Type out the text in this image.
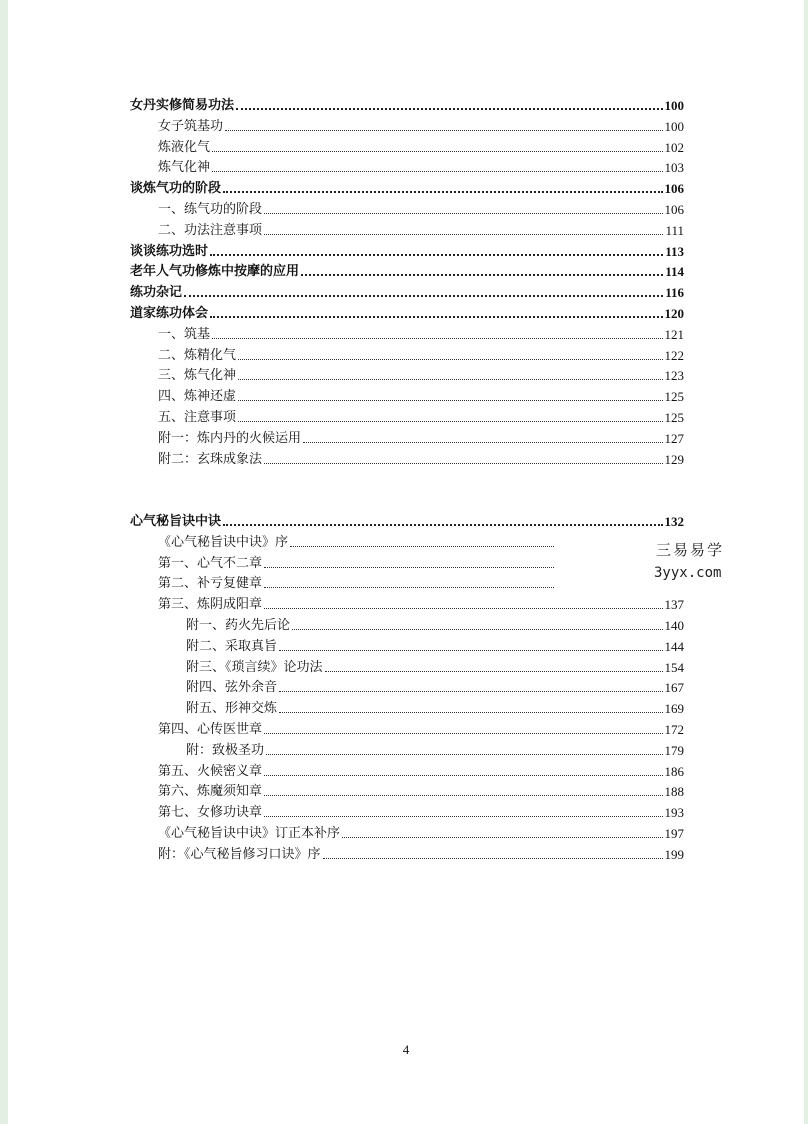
女丹实修简易功法	100
女子筑基功	100
炼液化气	102
炼气化神	103
谈炼气功的阶段	106
一、练气功的阶段	106
二、功法注意事项	111
谈谈练功选时	113
老年人气功修炼中按摩的应用	114
练功杂记	116
道家练功体会	120
一、筑基	121
二、炼精化气	122
三、炼气化神	123
四、炼神还虚	125
五、注意事项	125
附一：炼内丹的火候运用	127
附二：玄珠成象法	129
心气秘旨诀中诀	132
《心气秘旨诀中诀》序
第一、心气不二章
第二、补亏复健章
第三、炼阴成阳章	137
附一、药火先后论	140
附二、采取真旨	144
附三、《琐言续》论功法	154
附四、弦外余音	167
附五、形神交炼	169
第四、心传医世章	172
附：致极圣功	179
第五、火候密义章	186
第六、炼魔须知章	188
第七、女修功诀章	193
《心气秘旨诀中诀》订正本补序	197
附：《心气秘旨修习口诀》序	199
三易易学
3yyx.com
4
